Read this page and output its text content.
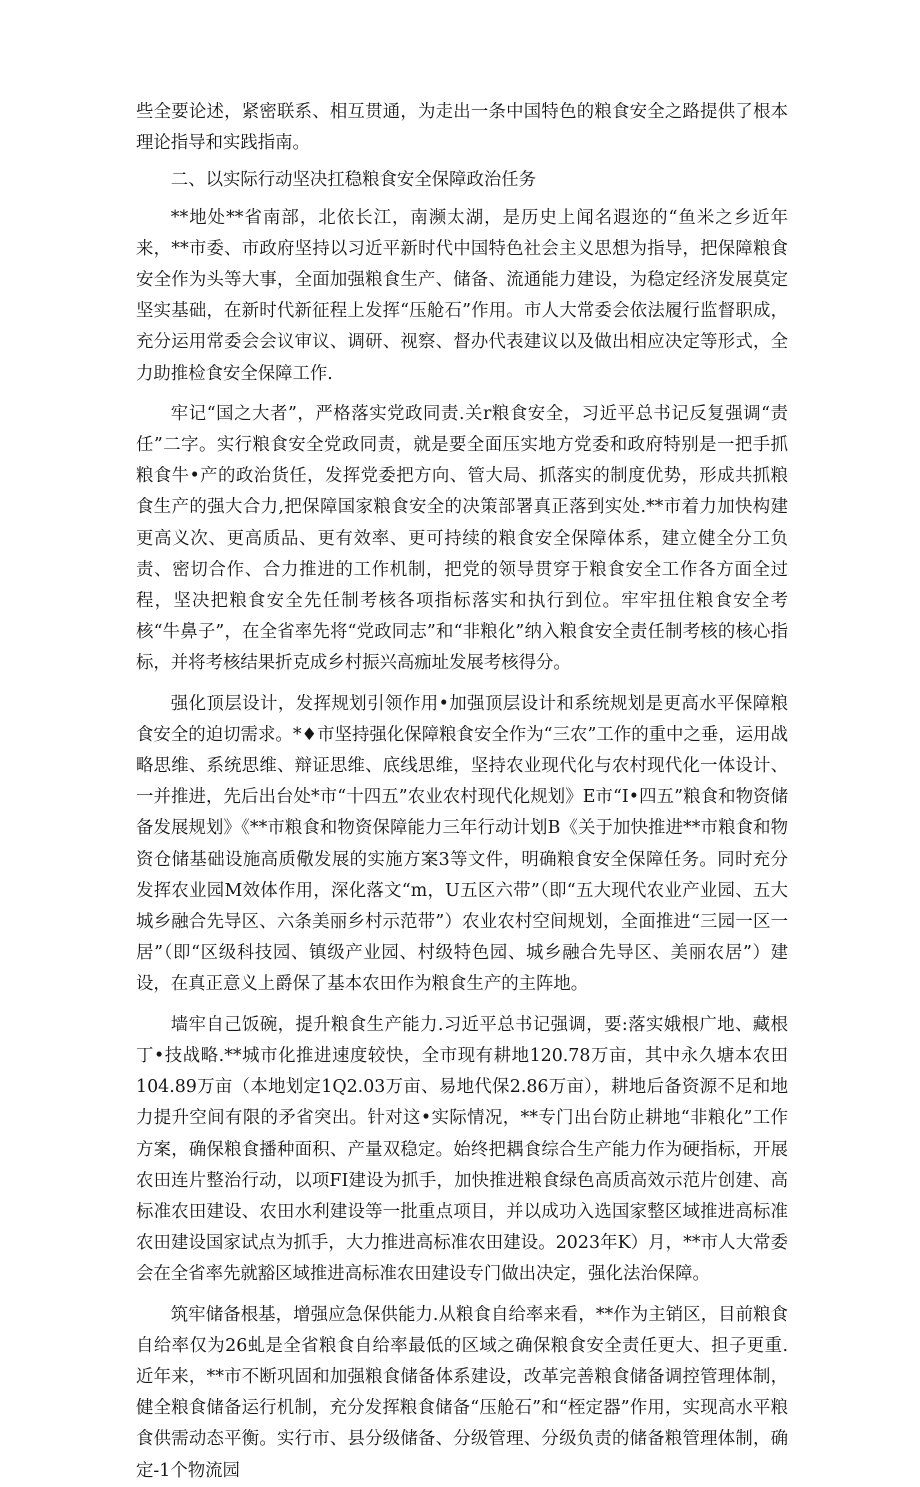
些全要论述，紧密联系、相互贯通，为走出一条中国特色的粮食安全之路提供了根本理论指导和实践指南。

二、以实际行动坚决扛稳粮食安全保障政治任务

**地处**省南部，北依长江，南濒太湖，是历史上闻名遐迩的“鱼米之乡近年来，**市委、市政府坚持以习近平新时代中国特色社会主义思想为指导，把保障粮食安全作为头等大事，全面加强粮食生产、储备、流通能力建设，为稳定经济发展莫定坚实基础，在新时代新征程上发挥“压舱石”作用。市人大常委会依法履行监督职成，充分运用常委会会议审议、调研、视察、督办代表建议以及做出相应决定等形式，全力助推检食安全保障工作.

牢记“国之大者”，严格落实党政同责.关r粮食安全，习近平总书记反复强调“责任”二字。实行粮食安全党政同责，就是要全面压实地方党委和政府特别是一把手抓粮食牛•产的政治货任，发挥党委把方向、管大局、抓落实的制度优势，形成共抓粮食生产的强大合力,把保障国家粮食安全的决策部署真正落到实处.**市着力加快构建更高义次、更高质品、更有效率、更可持续的粮食安全保障体系，建立健全分工负责、密切合作、合力推进的工作机制，把党的领导贯穿于粮食安全工作各方面全过程，坚决把粮食安全先任制考核各项指标落实和执行到位。牢牢扭住粮食安全考核“牛鼻子”，在全省率先将“党政同志”和“非粮化”纳入粮食安全责任制考核的核心指标，并将考核结果折克成乡村振兴高痂址发展考核得分。

强化顶层设计，发挥规划引领作用•加强顶层设计和系统规划是更高水平保障粮食安全的迫切需求。*♦市坚持强化保障粮食安全作为“三农”工作的重中之垂，运用战略思维、系统思维、辩证思维、底线思维，坚持农业现代化与农村现代化一体设计、一并推进，先后出台处*市“十四五”农业农村现代化规划》E市“I•四五”粮食和物资储备发展规划》《**市粮食和物资保障能力三年行动计划B《关于加快推进**市粮食和物资仓储基础设施高质儆发展的实施方案3等文件，明确粮食安全保障任务。同时充分发挥农业园M效体作用，深化落文“m，U五区六带”（即“五大现代农业产业园、五大城乡融合先导区、六条美丽乡村示范带”）农业农村空间规划，全面推进“三园一区一居”（即“区级科技园、镇级产业园、村级特色园、城乡融合先导区、美丽农居”）建设，在真正意义上爵保了基本农田作为粮食生产的主阵地。

墙牢自己饭碗，提升粮食生产能力.习近平总书记强调，要:落实娥根广地、藏根丁•技战略.**城市化推进速度较快，全市现有耕地120.78万亩，其中永久塘本农田104.89万亩（本地划定1Q2.03万亩、易地代保2.86万亩），耕地后备资源不足和地力提升空间有限的矛省突出。针对这•实际情况，**专门出台防止耕地“非粮化”工作方案，确保粮食播种面积、产量双稳定。始终把耦食综合生产能力作为硬指标，开展农田连片整治行动，以项FI建设为抓手，加快推进粮食绿色高质高效示范片创建、高标准农田建设、农田水利建设等一批重点项目，并以成功入选国家整区域推进高标准农田建设国家试点为抓手，大力推进高标准农田建设。2023年K）月，**市人大常委会在全省率先就豁区域推进高标准农田建设专门做出决定，强化法治保障。

筑牢储备根基，增强应急保供能力.从粮食自给率来看，**作为主销区，目前粮食自给率仅为26虬是全省粮食自给率最低的区域之确保粮食安全责任更大、担子更重.近年来，**市不断巩固和加强粮食储备体系建设，改革完善粮食储备调控管理体制，健全粮食储备运行机制，充分发挥粮食储备“压舱石”和“桎定器”作用，实现高水平粮食供需动态平衡。实行市、县分级储备、分级管理、分级负责的储备粮管理体制，确定-1个物流园
